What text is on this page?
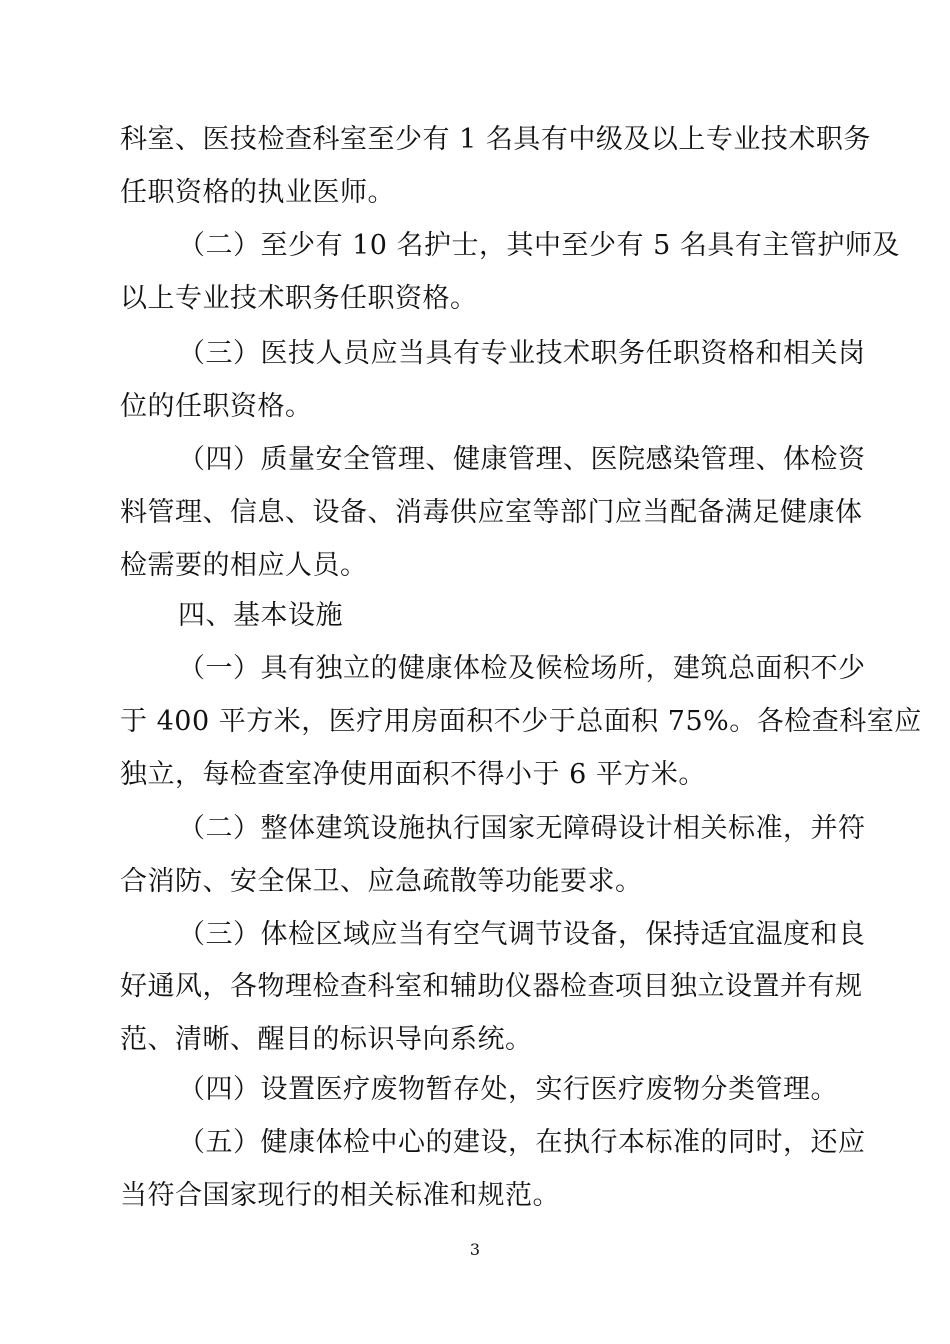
科室、医技检查科室至少有 1 名具有中级及以上专业技术职务
任职资格的执业医师。
（二）至少有 10 名护士，其中至少有 5 名具有主管护师及
以上专业技术职务任职资格。
（三）医技人员应当具有专业技术职务任职资格和相关岗
位的任职资格。
（四）质量安全管理、健康管理、医院感染管理、体检资
料管理、信息、设备、消毒供应室等部门应当配备满足健康体
检需要的相应人员。
四、基本设施
（一）具有独立的健康体检及候检场所，建筑总面积不少
于 400 平方米，医疗用房面积不少于总面积 75%。各检查科室应
独立，每检查室净使用面积不得小于 6 平方米。
（二）整体建筑设施执行国家无障碍设计相关标准，并符
合消防、安全保卫、应急疏散等功能要求。
（三）体检区域应当有空气调节设备，保持适宜温度和良
好通风，各物理检查科室和辅助仪器检查项目独立设置并有规
范、清晰、醒目的标识导向系统。
（四）设置医疗废物暂存处，实行医疗废物分类管理。
（五）健康体检中心的建设，在执行本标准的同时，还应
当符合国家现行的相关标准和规范。
3
